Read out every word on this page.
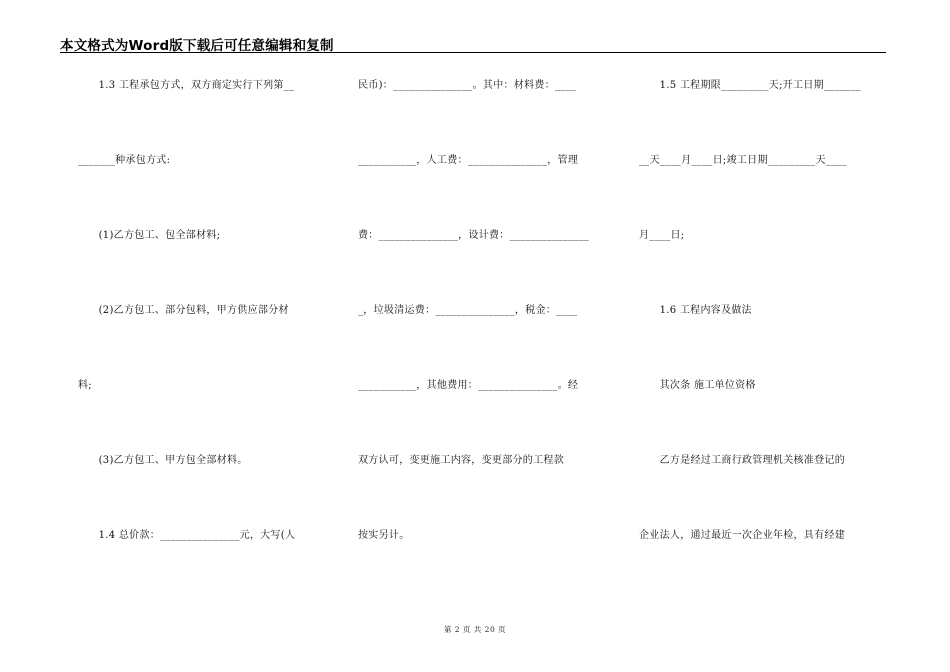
本文格式为Word版下载后可任意编辑和复制
　　1.3 工程承包方式，双方商定实行下列第__
_______种承包方式:
　　(1)乙方包工、包全部材料;
　　(2)乙方包工、部分包料，甲方供应部分材
料;
　　(3)乙方包工、甲方包全部材料。
　　1.4 总价款：_______________元，大写(人
民币)：_______________。其中：材料费：____
___________，人工费：_______________，管理
费：_______________，设计费：_______________
_，垃圾清运费：_______________，税金：____
___________，其他费用：_______________。经
双方认可，变更施工内容，变更部分的工程款
按实另计。
　　1.5 工程期限_________天;开工日期_______
__天____月____日;竣工日期_________天____
月____日;
　　1.6 工程内容及做法
　　其次条 施工单位资格
　　乙方是经过工商行政管理机关核准登记的
企业法人，通过最近一次企业年检，具有经建
第 2 页 共 20 页
